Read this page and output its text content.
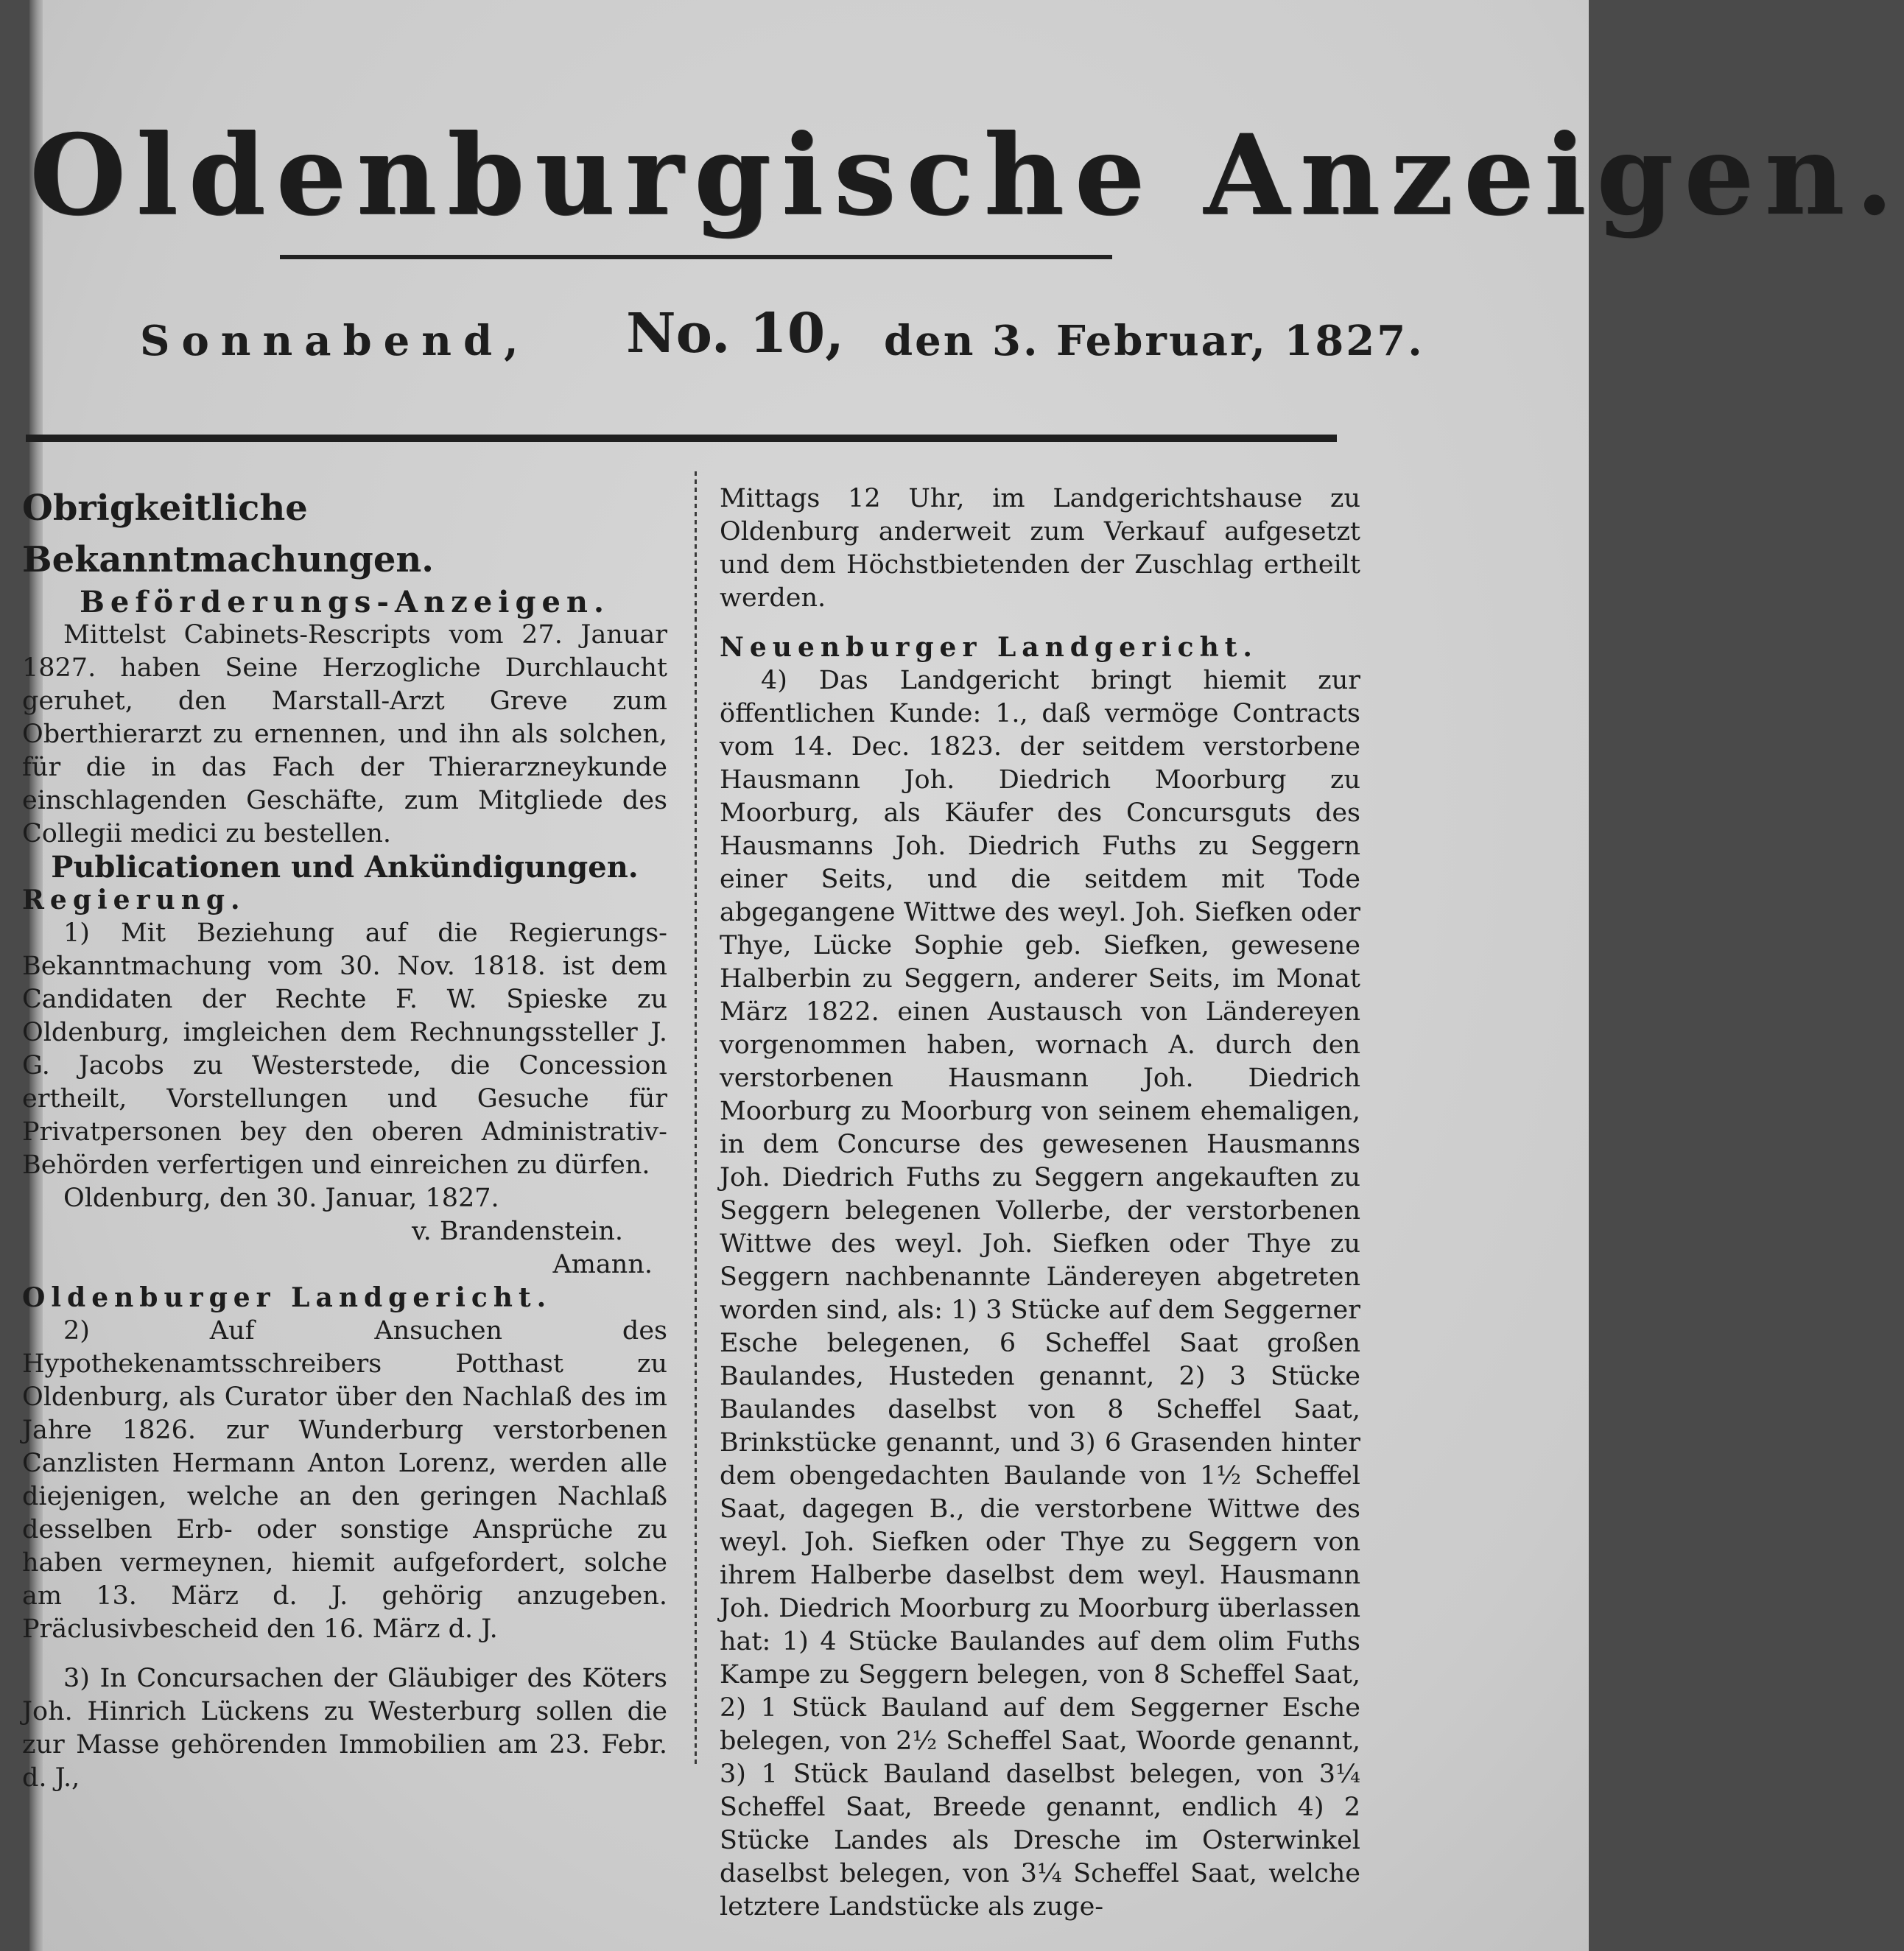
Oldenburgische Anzeigen.
Sonnabend, No. 10, den 3. Februar, 1827.

Obrigkeitliche Bekanntmachungen.

Beförderungs-Anzeigen.

Mittelst Cabinets-Rescripts vom 27. Januar 1827. haben Seine Herzogliche Durchlaucht geruhet, den Marstall-Arzt Greve zum Oberthierarzt zu ernennen, und ihn als solchen, für die in das Fach der Thierarzneykunde einschlagenden Geschäfte, zum Mitgliede des Collegii medici zu bestellen.

Publicationen und Ankündigungen.

Regierung.

1) Mit Beziehung auf die Regierungs-Bekanntmachung vom 30. Nov. 1818. ist dem Candidaten der Rechte F. W. Spieske zu Oldenburg, imgleichen dem Rechnungssteller J. G. Jacobs zu Westerstede, die Concession ertheilt, Vorstellungen und Gesuche für Privatpersonen bey den oberen Administrativ-Behörden verfertigen und einreichen zu dürfen.

Oldenburg, den 30. Januar, 1827.

v. Brandenstein.

Amann.

Oldenburger Landgericht.

2) Auf Ansuchen des Hypothekenamtsschreibers Potthast zu Oldenburg, als Curator über den Nachlaß des im Jahre 1826. zur Wunderburg verstorbenen Canzlisten Hermann Anton Lorenz, werden alle diejenigen, welche an den geringen Nachlaß desselben Erb- oder sonstige Ansprüche zu haben vermeynen, hiemit aufgefordert, solche am 13. März d. J. gehörig anzugeben. Präclusivbescheid den 16. März d. J.

3) In Concursachen der Gläubiger des Köters Joh. Hinrich Lückens zu Westerburg sollen die zur Masse gehörenden Immobilien am 23. Febr. d. J.,

Mittags 12 Uhr, im Landgerichtshause zu Oldenburg anderweit zum Verkauf aufgesetzt und dem Höchstbietenden der Zuschlag ertheilt werden.

Neuenburger Landgericht.

4) Das Landgericht bringt hiemit zur öffentlichen Kunde: 1., daß vermöge Contracts vom 14. Dec. 1823. der seitdem verstorbene Hausmann Joh. Diedrich Moorburg zu Moorburg, als Käufer des Concursguts des Hausmanns Joh. Diedrich Fuths zu Seggern einer Seits, und die seitdem mit Tode abgegangene Wittwe des weyl. Joh. Siefken oder Thye, Lücke Sophie geb. Siefken, gewesene Halberbin zu Seggern, anderer Seits, im Monat März 1822. einen Austausch von Ländereyen vorgenommen haben, wornach A. durch den verstorbenen Hausmann Joh. Diedrich Moorburg zu Moorburg von seinem ehemaligen, in dem Concurse des gewesenen Hausmanns Joh. Diedrich Fuths zu Seggern angekauften zu Seggern belegenen Vollerbe, der verstorbenen Wittwe des weyl. Joh. Siefken oder Thye zu Seggern nachbenannte Ländereyen abgetreten worden sind, als: 1) 3 Stücke auf dem Seggerner Esche belegenen, 6 Scheffel Saat großen Baulandes, Husteden genannt, 2) 3 Stücke Baulandes daselbst von 8 Scheffel Saat, Brinkstücke genannt, und 3) 6 Grasenden hinter dem obengedachten Baulande von 1½ Scheffel Saat, dagegen B., die verstorbene Wittwe des weyl. Joh. Siefken oder Thye zu Seggern von ihrem Halberbe daselbst dem weyl. Hausmann Joh. Diedrich Moorburg zu Moorburg überlassen hat: 1) 4 Stücke Baulandes auf dem olim Fuths Kampe zu Seggern belegen, von 8 Scheffel Saat, 2) 1 Stück Bauland auf dem Seggerner Esche belegen, von 2½ Scheffel Saat, Woorde genannt, 3) 1 Stück Bauland daselbst belegen, von 3¼ Scheffel Saat, Breede genannt, endlich 4) 2 Stücke Landes als Dresche im Osterwinkel daselbst belegen, von 3¼ Scheffel Saat, welche letztere Landstücke als zuge-
